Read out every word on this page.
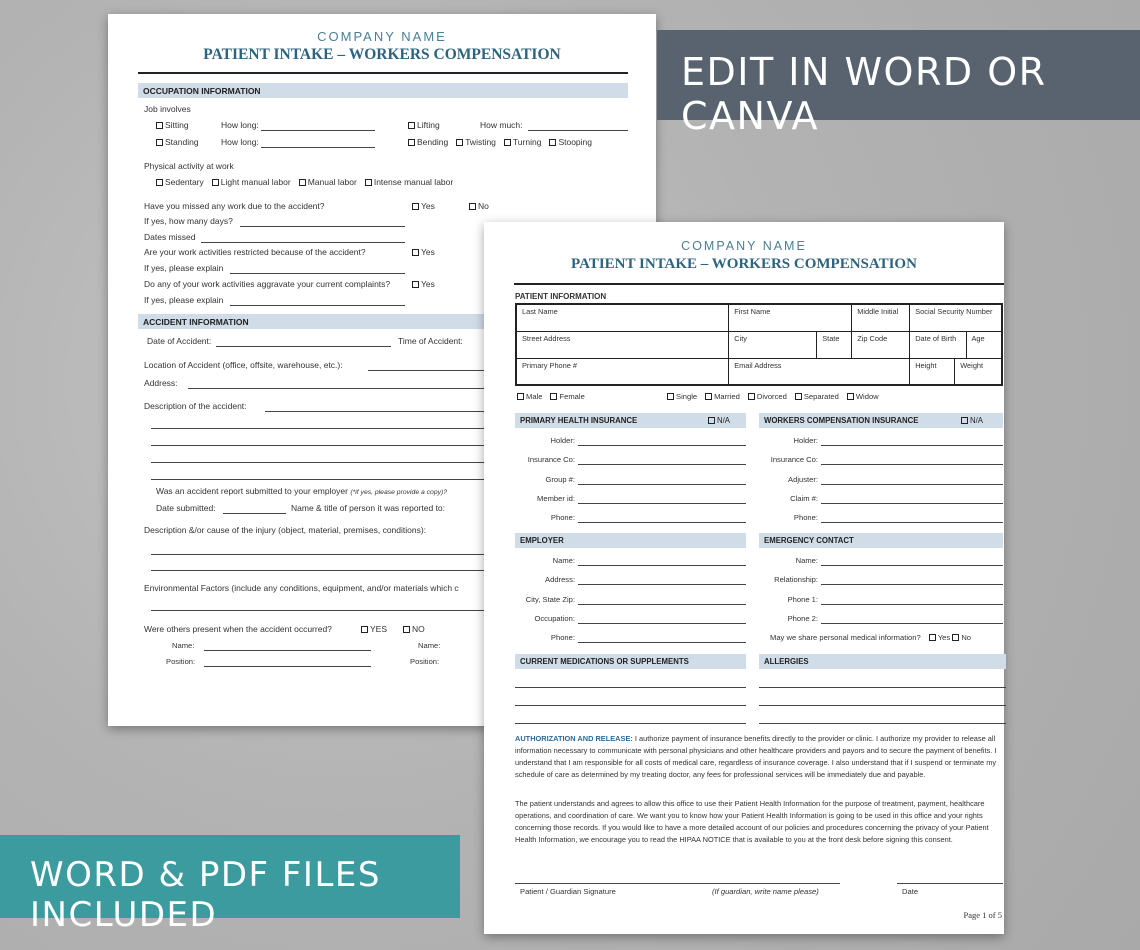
COMPANY NAME
PATIENT INTAKE – WORKERS COMPENSATION
OCCUPATION INFORMATION
Job involves
Sitting	How long:	Lifting	How much:
Standing	How long:	Bending Twisting Turning Stooping
Physical activity at work
Sedentary Light manual labor Manual labor Intense manual labor
Have you missed any work due to the accident?	Yes	No
If yes, how many days?
Dates missed
Are your work activities restricted because of the accident?	Yes
If yes, please explain
Do any of your work activities aggravate your current complaints?	Yes
If yes, please explain
ACCIDENT INFORMATION
Date of Accident:	Time of Accident:
Location of Accident (office, offsite, warehouse, etc.):
Address:
Description of the accident:
Was an accident report submitted to your employer (*if yes, please provide a copy)?
Date submitted:	Name & title of person it was reported to:
Description &/or cause of the injury (object, material, premises, conditions):
Environmental Factors (include any conditions, equipment, and/or materials which c
Were others present when the accident occurred?	YES	NO
Name:	Name:
Position:	Position:
COMPANY NAME
PATIENT INTAKE – WORKERS COMPENSATION
PATIENT INFORMATION
Last Name	First Name		Middle Initial	Social Security Number		
Street Address	City	State	Zip Code	Date of Birth		Age
Primary Phone #	Email Address			Height	Weight	
Male Female	Single Married Divorced Separated Widow
PRIMARY HEALTH INSURANCE	N/A	WORKERS COMPENSATION INSURANCE	N/A
Holder:
Insurance Co:
Group #:
Member id:
Phone:
Holder:
Insurance Co:
Adjuster:
Claim #:
Phone:
EMPLOYER	EMERGENCY CONTACT
Name:
Address:
City, State Zip:
Occupation:
Phone:
Name:
Relationship:
Phone 1:
Phone 2:
May we share personal medical information? Yes No
CURRENT MEDICATIONS OR SUPPLEMENTS	ALLERGIES
AUTHORIZATION AND RELEASE: I authorize payment of insurance benefits directly to the provider or clinic. I authorize my provider to release all information necessary to communicate with personal physicians and other healthcare providers and payors and to secure the payment of benefits. I understand that I am responsible for all costs of medical care, regardless of insurance coverage. I also understand that if I suspend or terminate my schedule of care as determined by my treating doctor, any fees for professional services will be immediately due and payable.
The patient understands and agrees to allow this office to use their Patient Health Information for the purpose of treatment, payment, healthcare operations, and coordination of care. We want you to know how your Patient Health Information is going to be used in this office and your rights concerning those records. If you would like to have a more detailed account of our policies and procedures concerning the privacy of your Patient Health Information, we encourage you to read the HIPAA NOTICE that is available to you at the front desk before signing this consent.
Patient / Guardian Signature	(If guardian, write name please)	Date
Page 1 of 5
EDIT IN WORD OR CANVA
WORD & PDF FILES INCLUDED
